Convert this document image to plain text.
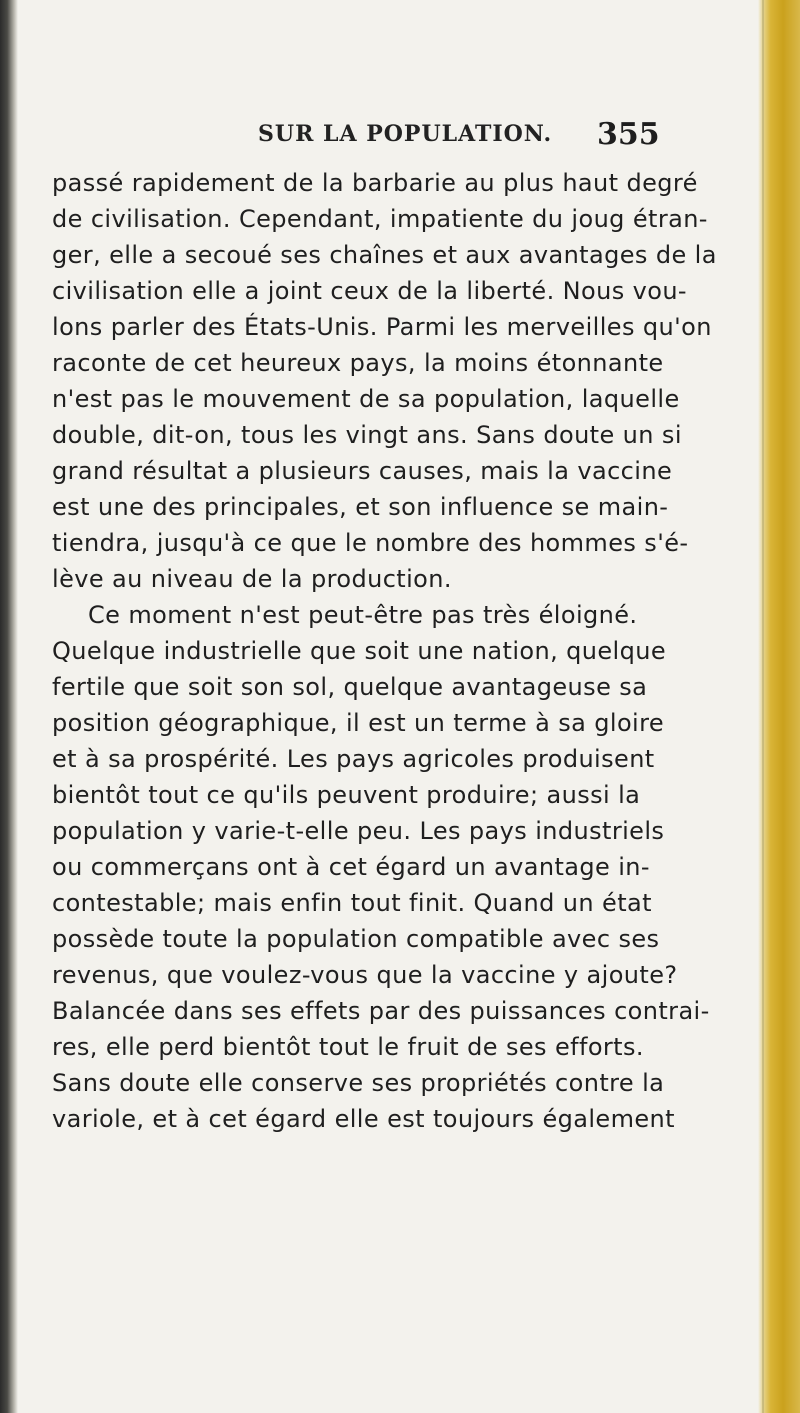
SUR LA POPULATION. 355
passé rapidement de la barbarie au plus haut degré
de civilisation. Cependant, impatiente du joug étran-
ger, elle a secoué ses chaînes et aux avantages de la
civilisation elle a joint ceux de la liberté. Nous vou-
lons parler des États-Unis. Parmi les merveilles qu'on
raconte de cet heureux pays, la moins étonnante
n'est pas le mouvement de sa population, laquelle
double, dit-on, tous les vingt ans. Sans doute un si
grand résultat a plusieurs causes, mais la vaccine
est une des principales, et son influence se main-
tiendra, jusqu'à ce que le nombre des hommes s'é-
lève au niveau de la production.
Ce moment n'est peut-être pas très éloigné.
Quelque industrielle que soit une nation, quelque
fertile que soit son sol, quelque avantageuse sa
position géographique, il est un terme à sa gloire
et à sa prospérité. Les pays agricoles produisent
bientôt tout ce qu'ils peuvent produire; aussi la
population y varie-t-elle peu. Les pays industriels
ou commerçans ont à cet égard un avantage in-
contestable; mais enfin tout finit. Quand un état
possède toute la population compatible avec ses
revenus, que voulez-vous que la vaccine y ajoute?
Balancée dans ses effets par des puissances contrai-
res, elle perd bientôt tout le fruit de ses efforts.
Sans doute elle conserve ses propriétés contre la
variole, et à cet égard elle est toujours également
